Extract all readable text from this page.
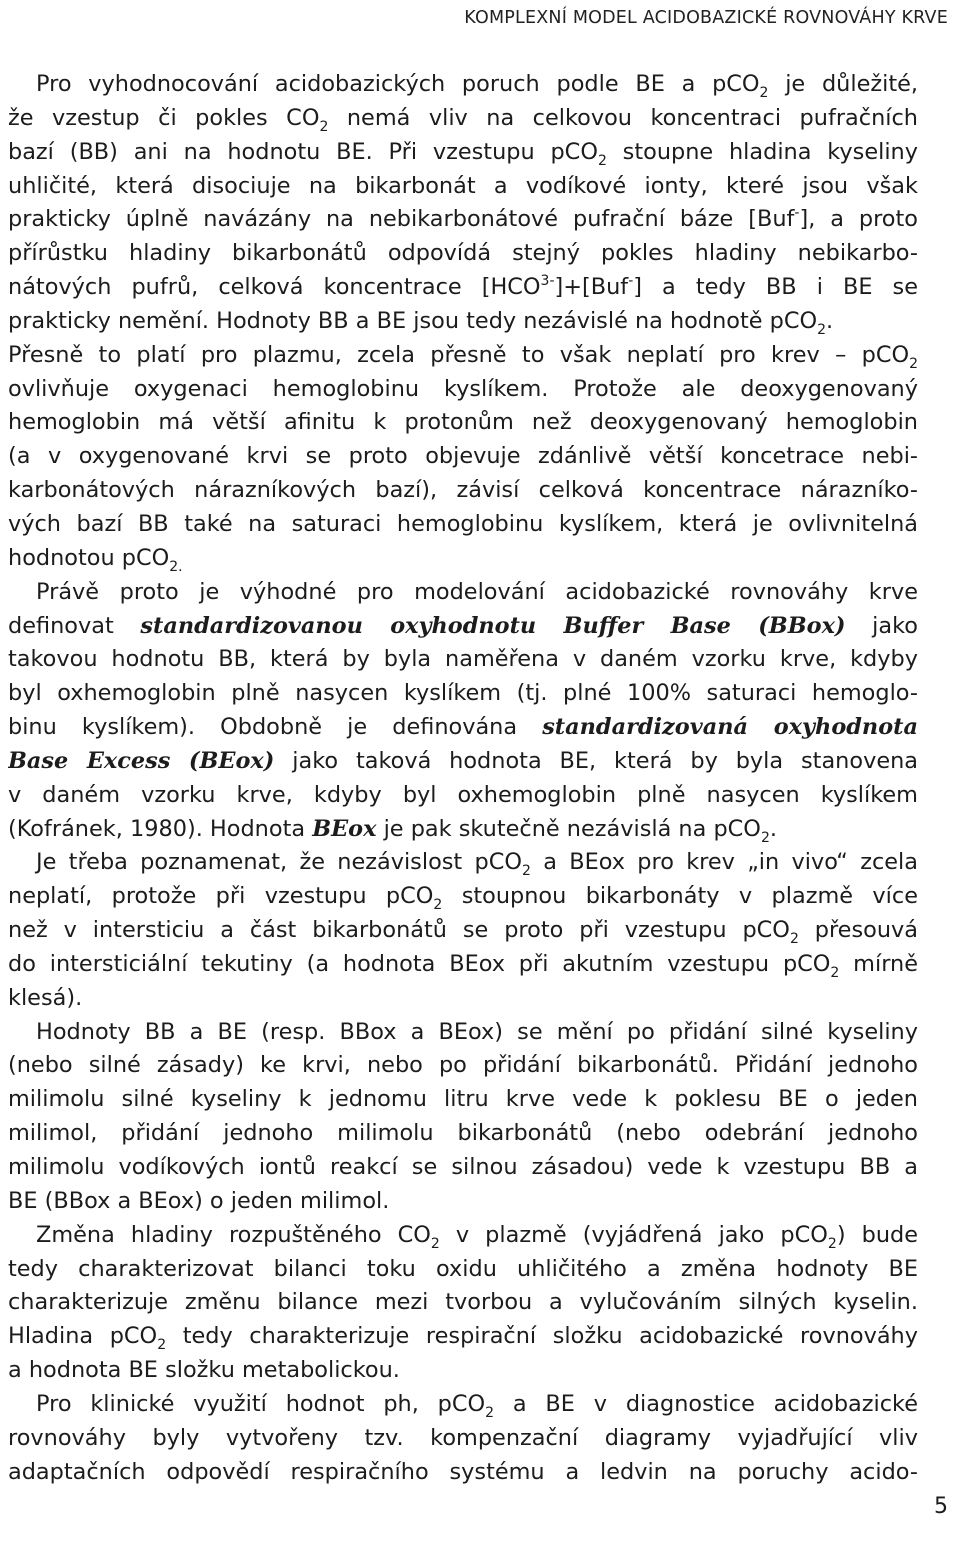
KOMPLEXNÍ MODEL ACIDOBAZICKÉ ROVNOVÁHY KRVE
Pro vyhodnocování acidobazických poruch podle BE a pCO$_2$ je důležité,
že vzestup či pokles $CO_2$ nemá vliv na celkovou koncentraci pufračních
bazí (BB) ani na hodnotu BE. Při vzestupu pCO$_2$ stoupne hladina kyseliny
uhličité, která disociuje na bikarbonát a vodíkové ionty, které jsou však
prakticky úplně navázány na nebikarbonátové pufrační báze [Buf-], a proto
přírůstku hladiny bikarbonátů odpovídá stejný pokles hladiny nebikarbo-
nátových pufrů, celková koncentrace $[HCO^{3-}]+[Buf^-]$ a tedy BB i BE se
prakticky nemění. Hodnoty BB a BE jsou tedy nezávislé na hodnotě pCO$_2$.
Přesně to platí pro plazmu, zcela přesně to však neplatí pro krev – pCO$_2$
ovlivňuje oxygenaci hemoglobinu kyslíkem. Protože ale deoxygenovaný
hemoglobin má větší afinitu k protonům než deoxygenovaný hemoglobin
(a v oxygenované krvi se proto objevuje zdánlivě větší koncetrace nebi-
karbonátových nárazníkových bazí), závisí celková koncentrace nárazníko-
vých bazí BB také na saturaci hemoglobinu kyslíkem, která je ovlivnitelná
hodnotou pCO$_{2.}$
Právě proto je výhodné pro modelování acidobazické rovnováhy krve
definovat standardizovanou oxyhodnotu Buffer Base (BBox) jako
takovou hodnotu BB, která by byla naměřena v daném vzorku krve, kdyby
byl oxhemoglobin plně nasycen kyslíkem (tj. plné 100% saturaci hemoglo-
binu kyslíkem). Obdobně je definována standardizovaná oxyhodnota
Base Excess (BEox) jako taková hodnota BE, která by byla stanovena
v daném vzorku krve, kdyby byl oxhemoglobin plně nasycen kyslíkem
(Kofránek, 1980). Hodnota BEox je pak skutečně nezávislá na pCO$_2$.
Je třeba poznamenat, že nezávislost pCO$_2$ a BEox pro krev „in vivo“ zcela
neplatí, protože při vzestupu pCO$_2$ stoupnou bikarbonáty v plazmě více
než v intersticiu a část bikarbonátů se proto při vzestupu pCO$_2$ přesouvá
do intersticiální tekutiny (a hodnota BEox při akutním vzestupu pCO$_2$ mírně
klesá).
Hodnoty BB a BE (resp. BBox a BEox) se mění po přidání silné kyseliny
(nebo silné zásady) ke krvi, nebo po přidání bikarbonátů. Přidání jednoho
milimolu silné kyseliny k jednomu litru krve vede k poklesu BE o jeden
milimol, přidání jednoho milimolu bikarbonátů (nebo odebrání jednoho
milimolu vodíkových iontů reakcí se silnou zásadou) vede k vzestupu BB a
BE (BBox a BEox) o jeden milimol.
Změna hladiny rozpuštěného $CO_2$ v plazmě (vyjádřená jako pCO$_2$) bude
tedy charakterizovat bilanci toku oxidu uhličitého a změna hodnoty BE
charakterizuje změnu bilance mezi tvorbou a vylučováním silných kyselin.
Hladina pCO$_2$ tedy charakterizuje respirační složku acidobazické rovnováhy
a hodnota BE složku metabolickou.
Pro klinické využití hodnot ph, pCO$_2$ a BE v diagnostice acidobazické
rovnováhy byly vytvořeny tzv. kompenzační diagramy vyjadřující vliv
adaptačních odpovědí respiračního systému a ledvin na poruchy acido-
5
